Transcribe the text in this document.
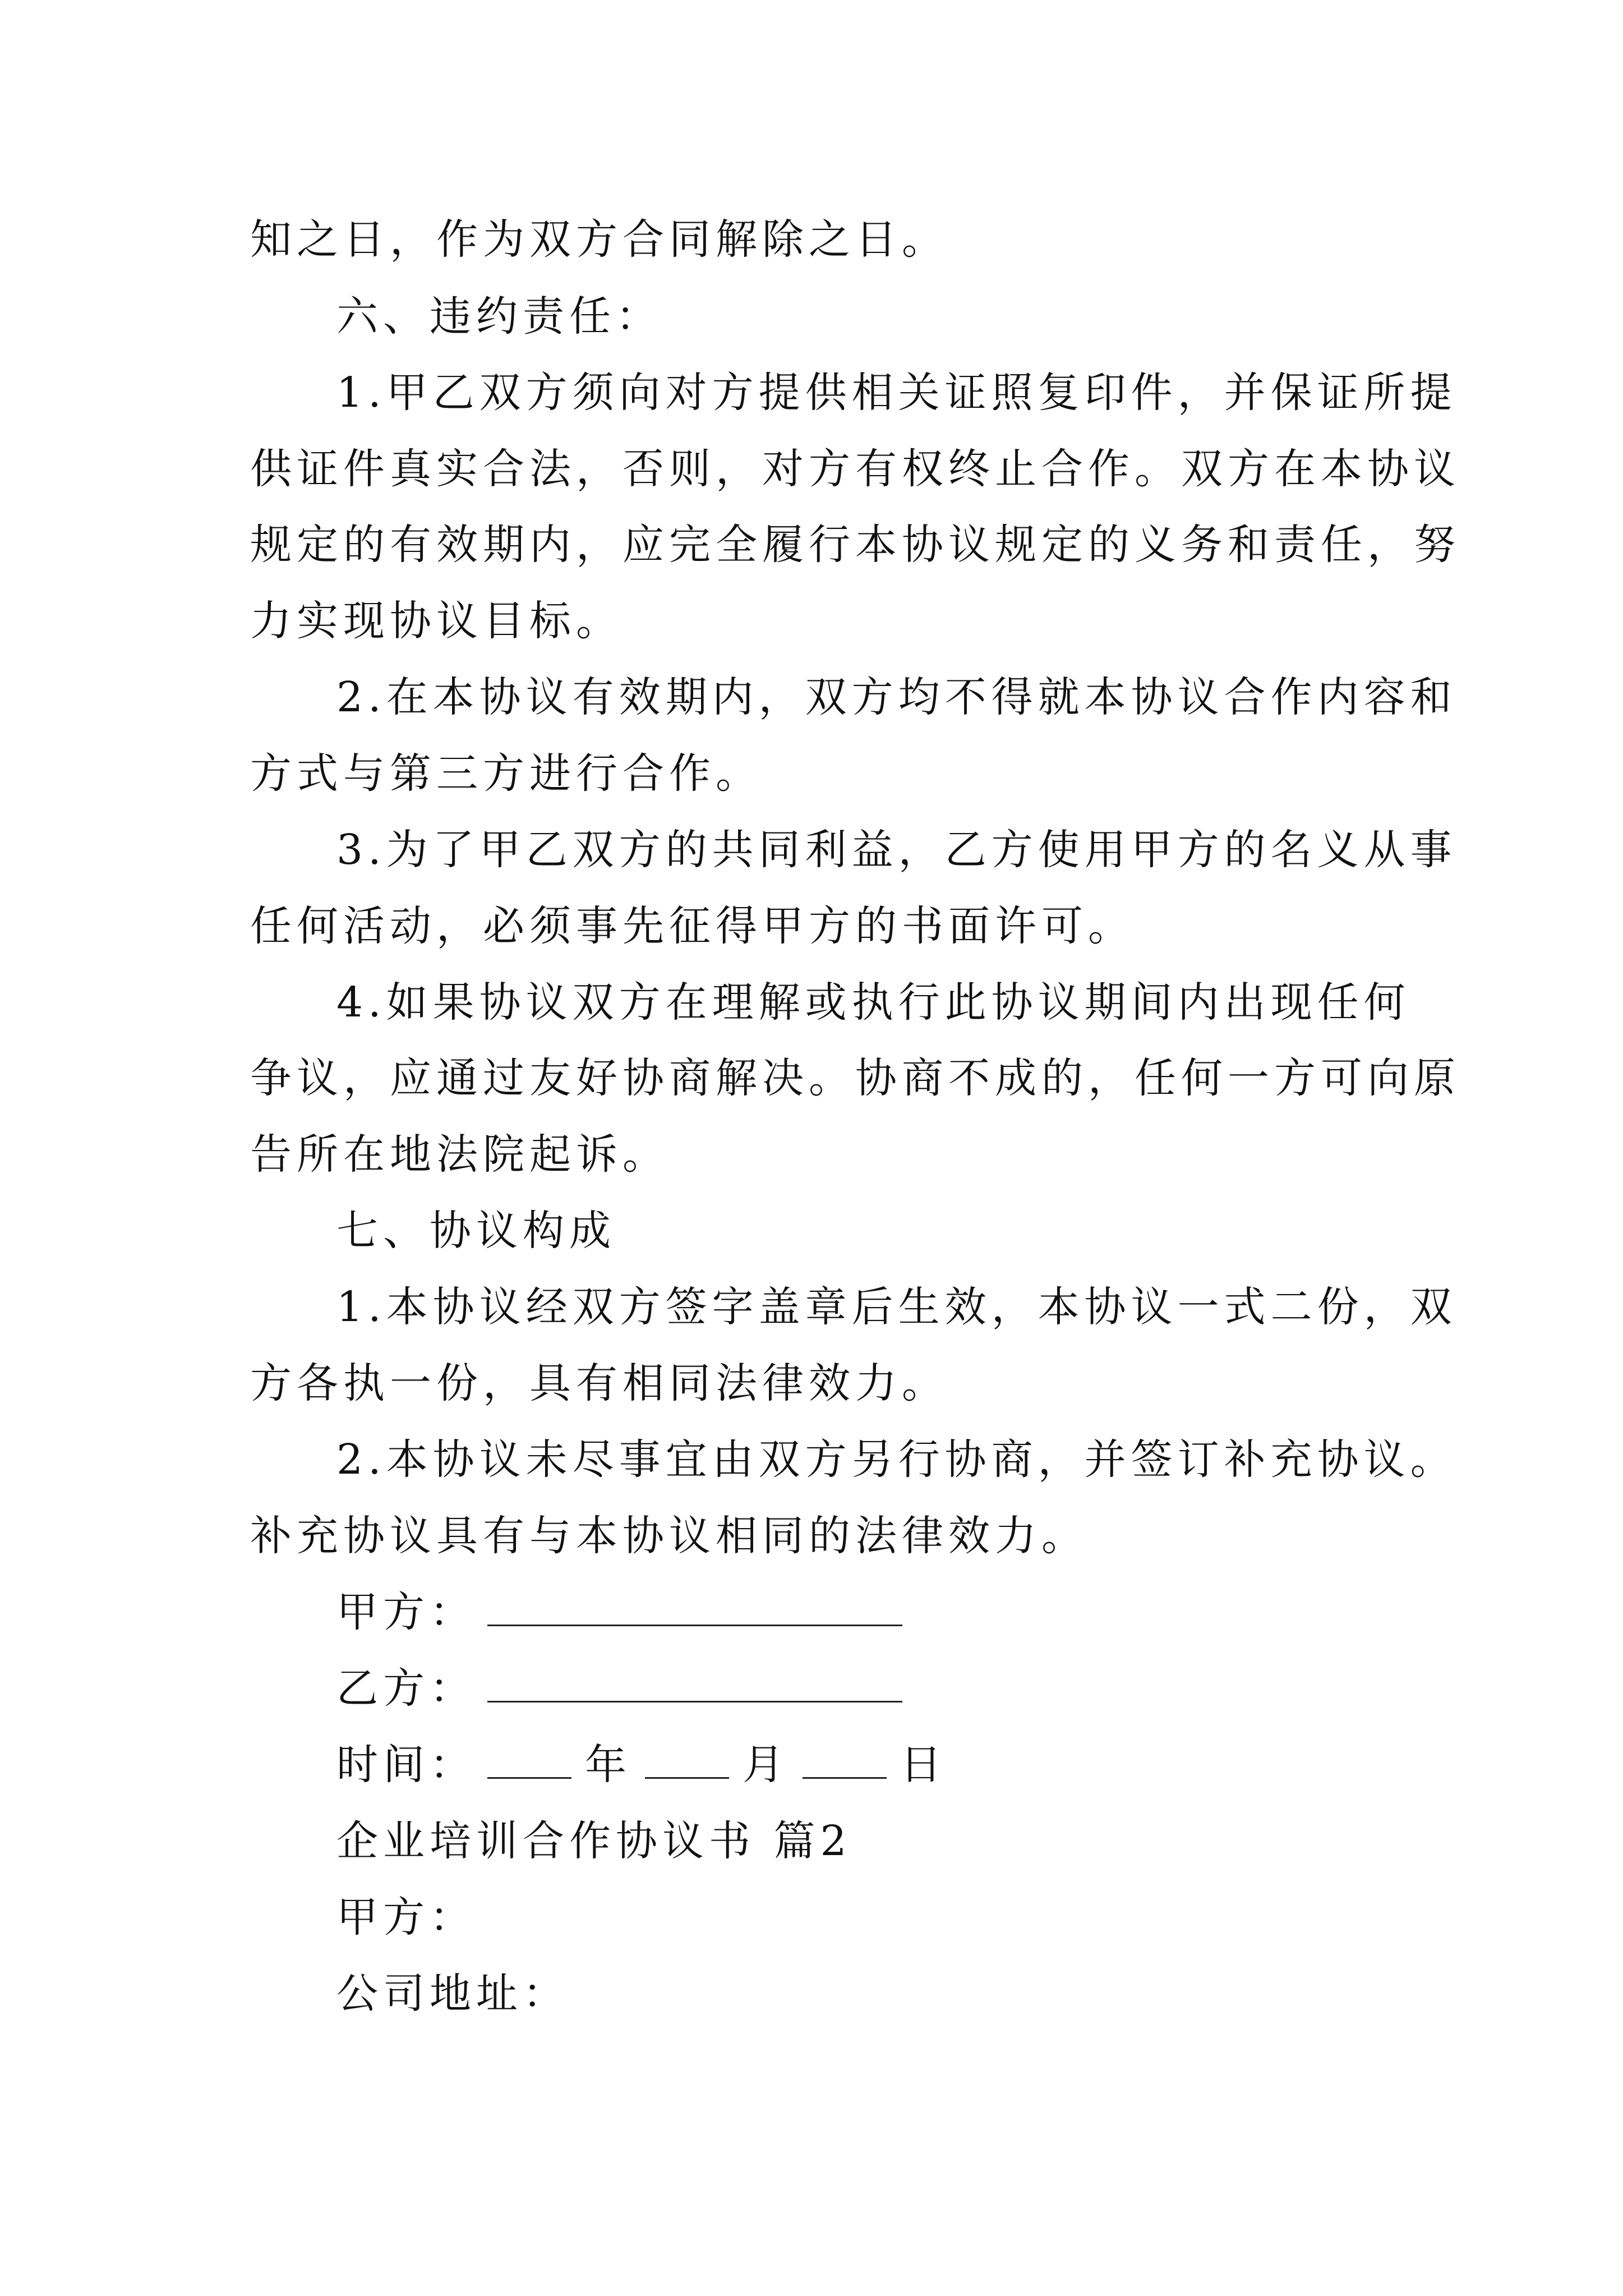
知之日，作为双方合同解除之日。
六、违约责任：
1.甲乙双方须向对方提供相关证照复印件，并保证所提
供证件真实合法，否则，对方有权终止合作。双方在本协议
规定的有效期内，应完全履行本协议规定的义务和责任，努
力实现协议目标。
2.在本协议有效期内，双方均不得就本协议合作内容和
方式与第三方进行合作。
3.为了甲乙双方的共同利益，乙方使用甲方的名义从事
任何活动，必须事先征得甲方的书面许可。
4.如果协议双方在理解或执行此协议期间内出现任何
争议，应通过友好协商解决。协商不成的，任何一方可向原
告所在地法院起诉。
七、协议构成
1.本协议经双方签字盖章后生效，本协议一式二份，双
方各执一份，具有相同法律效力。
2.本协议未尽事宜由双方另行协商，并签订补充协议。
补充协议具有与本协议相同的法律效力。
甲方：
乙方：
时间：	年	月	日
企业培训合作协议书 篇2
甲方：
公司地址：
